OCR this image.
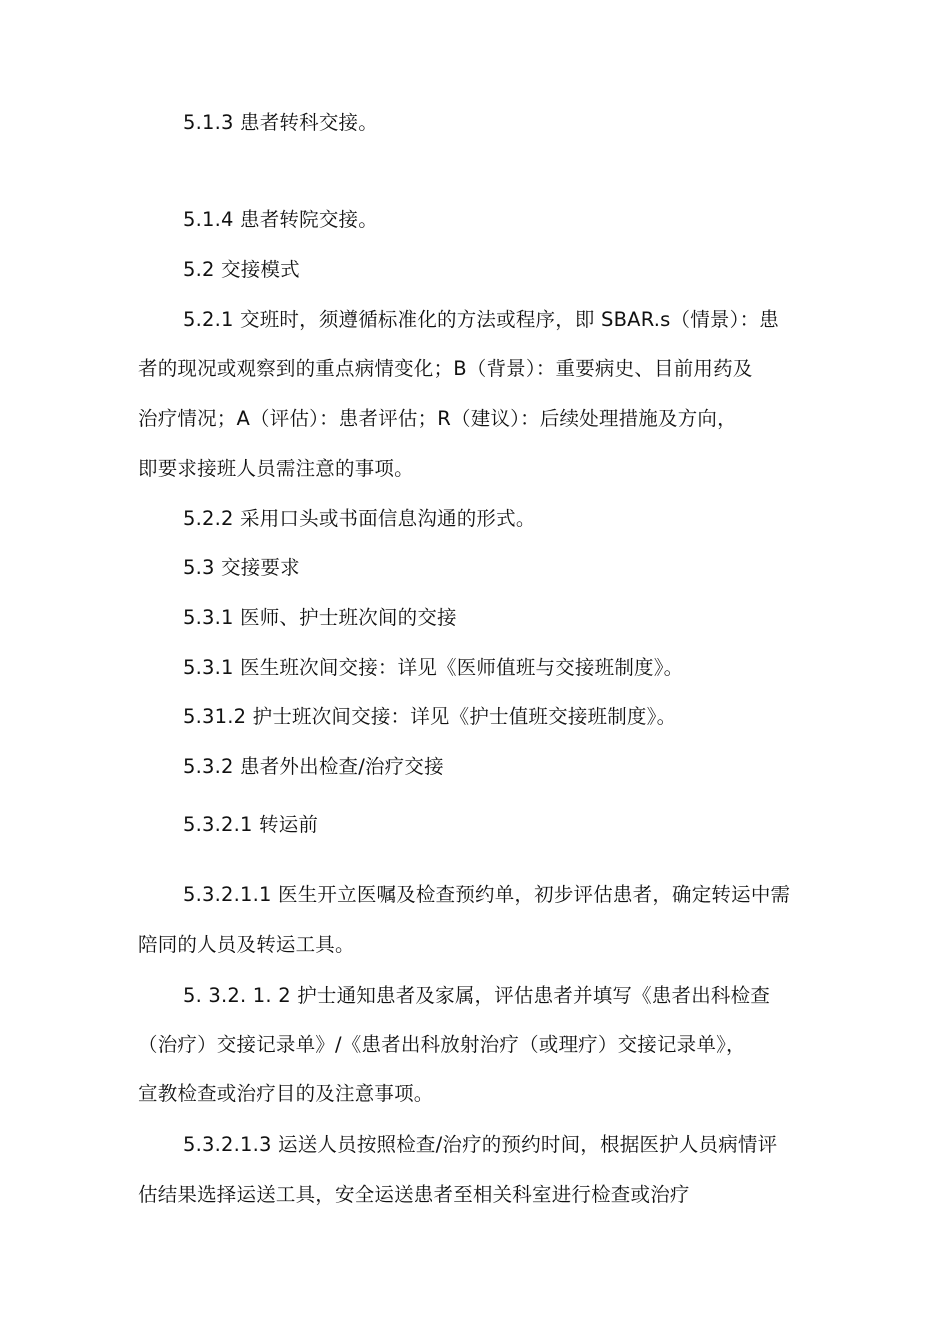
5.1.3 患者转科交接。
5.1.4 患者转院交接。
5.2 交接模式
5.2.1 交班时，须遵循标准化的方法或程序，即 SBAR.s（情景）：患
者的现况或观察到的重点病情变化；B（背景）：重要病史、目前用药及
治疗情况；A（评估）：患者评估；R（建议）：后续处理措施及方向，
即要求接班人员需注意的事项。
5.2.2 采用口头或书面信息沟通的形式。
5.3 交接要求
5.3.1 医师、护士班次间的交接
5.3.1 医生班次间交接：详见《医师值班与交接班制度》。
5.31.2 护士班次间交接：详见《护士值班交接班制度》。
5.3.2 患者外出检查/治疗交接
5.3.2.1 转运前
5.3.2.1.1 医生开立医嘱及检查预约单，初步评估患者，确定转运中需
陪同的人员及转运工具。
5. 3.2. 1. 2 护士通知患者及家属，评估患者并填写《患者出科检查
（治疗）交接记录单》/《患者出科放射治疗（或理疗）交接记录单》，
宣教检查或治疗目的及注意事项。
5.3.2.1.3 运送人员按照检查/治疗的预约时间，根据医护人员病情评
估结果选择运送工具，安全运送患者至相关科室进行检查或治疗
